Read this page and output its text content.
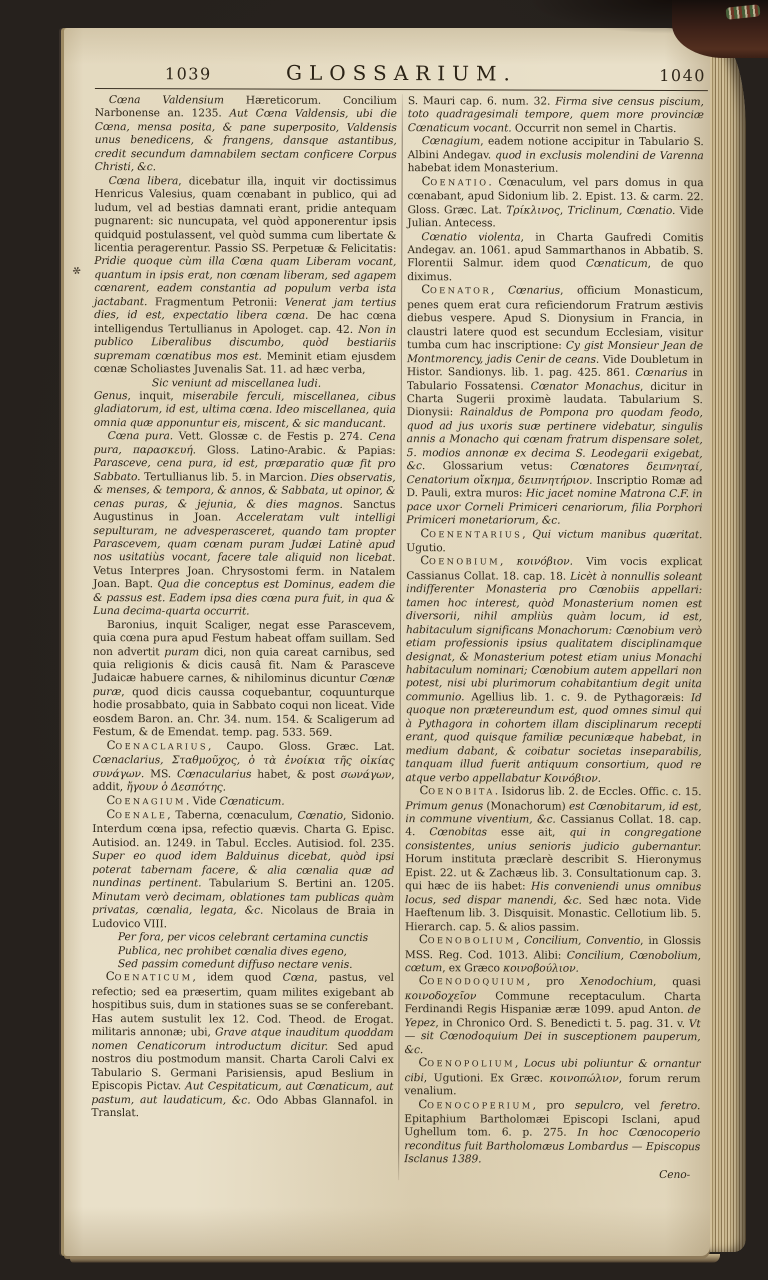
✻
1039	GLOSSARIUM.	1040

Cœna Valdensium Hæreticorum. Concilium Narbonense an. 1235. Aut Cœna Valdensis, ubi die Cœna, mensa posita, & pane superposito, Valdensis unus benedicens, & frangens, dansque astantibus, credit secundum damnabilem sectam conficere Corpus Christi, &c.

Cœna libera, dicebatur illa, inquit vir doctissimus Henricus Valesius, quam cœnabant in publico, qui ad ludum, vel ad bestias damnati erant, pridie antequam pugnarent: sic nuncupata, vel quòd apponerentur ipsis quidquid postulassent, vel quòd summa cum libertate & licentia peragerentur. Passio SS. Perpetuæ & Felicitatis: Pridie quoque cùm illa Cœna quam Liberam vocant, quantum in ipsis erat, non cœnam liberam, sed agapem cœnarent, eadem constantia ad populum verba ista jactabant. Fragmentum Petronii: Venerat jam tertius dies, id est, expectatio libera cœna. De hac cœna intelligendus Tertullianus in Apologet. cap. 42. Non in publico Liberalibus discumbo, quòd bestiariis supremam cœnatibus mos est. Meminit etiam ejusdem cœnæ Scholiastes Juvenalis Sat. 11. ad hæc verba,

Sic veniunt ad miscellanea ludi.

Genus, inquit, miserabile ferculi, miscellanea, cibus gladiatorum, id est, ultima cœna. Ideo miscellanea, quia omnia quæ apponuntur eis, miscent, & sic manducant.

Cœna pura. Vett. Glossæ c. de Festis p. 274. Cena pura, παρασκευή. Gloss. Latino-Arabic. & Papias: Parasceve, cena pura, id est, præparatio quæ fit pro Sabbato. Tertullianus lib. 5. in Marcion. Dies observatis, & menses, & tempora, & annos, & Sabbata, ut opinor, & cenas puras, & jejunia, & dies magnos. Sanctus Augustinus in Joan. Acceleratam vult intelligi sepulturam, ne advesperasceret, quando tam propter Parascevem, quam cœnam puram Judæi Latinè apud nos usitatiùs vocant, facere tale aliquid non licebat. Vetus Interpres Joan. Chrysostomi ferm. in Natalem Joan. Bapt. Qua die conceptus est Dominus, eadem die & passus est. Eadem ipsa dies cœna pura fuit, in qua & Luna decima-quarta occurrit.

Baronius, inquit Scaliger, negat esse Parascevem, quia cœna pura apud Festum habeat offam suillam. Sed non advertit puram dici, non quia careat carnibus, sed quia religionis & dicis causâ fit. Nam & Parasceve Judaicæ habuere carnes, & nihilominus dicuntur Cœnæ puræ, quod dicis caussa coquebantur, coquunturque hodie prosabbato, quia in Sabbato coqui non liceat. Vide eosdem Baron. an. Chr. 34. num. 154. & Scaligerum ad Festum, & de Emendat. temp. pag. 533. 569.

COENACLARIUS, Caupo. Gloss. Græc. Lat. Cœnaclarius, Σταθμοῦχος, ὁ τὰ ἐνοίκια τῆς οἰκίας συνάγων. MS. Cœnacularius habet, & post σωνάγων, addit, ἤγουν ὁ Δεσπότης.

COENAGIUM. Vide Cœnaticum.

COENALE, Taberna, cœnaculum, Cœnatio, Sidonio. Interdum cœna ipsa, refectio quævis. Charta G. Episc. Autisiod. an. 1249. in Tabul. Eccles. Autisiod. fol. 235. Super eo quod idem Balduinus dicebat, quòd ipsi poterat tabernam facere, & alia cœnalia quæ ad nundinas pertinent. Tabularium S. Bertini an. 1205. Minutam verò decimam, oblationes tam publicas quàm privatas, cœnalia, legata, &c. Nicolaus de Braia in Ludovico VIII.

Per fora, per vicos celebrant certamina cunctis
Publica, nec prohibet cœnalia dives egeno,
Sed passim comedunt diffuso nectare venis.

COENATICUM, idem quod Cœna, pastus, vel refectio; sed ea præsertim, quam milites exigebant ab hospitibus suis, dum in stationes suas se se conferebant. Has autem sustulit lex 12. Cod. Theod. de Erogat. militaris annonæ; ubi, Grave atque inauditum quoddam nomen Cenaticorum introductum dicitur. Sed apud nostros diu postmodum mansit. Charta Caroli Calvi ex Tabulario S. Germani Parisiensis, apud Beslium in Episcopis Pictav. Aut Cespitaticum, aut Cœnaticum, aut pastum, aut laudaticum, &c. Odo Abbas Glannafol. in Translat.

S. Mauri cap. 6. num. 32. Firma sive census piscium, toto quadragesimali tempore, quem more provinciæ Cœnaticum vocant. Occurrit non semel in Chartis.

Cœnagium, eadem notione accipitur in Tabulario S. Albini Andegav. quod in exclusis molendini de Varenna habebat idem Monasterium.

COENATIO. Cœnaculum, vel pars domus in qua cœnabant, apud Sidonium lib. 2. Epist. 13. & carm. 22. Gloss. Græc. Lat. Τρίκλινος, Triclinum, Cœnatio. Vide Julian. Antecess.

Cœnatio violenta, in Charta Gaufredi Comitis Andegav. an. 1061. apud Sammarthanos in Abbatib. S. Florentii Salmur. idem quod Cœnaticum, de quo diximus.

COENATOR, Cœnarius, officium Monasticum, penes quem erat cura reficiendorum Fratrum æstivis diebus vespere. Apud S. Dionysium in Francia, in claustri latere quod est secundum Ecclesiam, visitur tumba cum hac inscriptione: Cy gist Monsieur Jean de Montmorency, jadis Cenir de ceans. Vide Doubletum in Histor. Sandionys. lib. 1. pag. 425. 861. Cœnarius in Tabulario Fossatensi. Cœnator Monachus, dicitur in Charta Sugerii proximè laudata. Tabularium S. Dionysii: Rainaldus de Pompona pro quodam feodo, quod ad jus uxoris suæ pertinere videbatur, singulis annis a Monacho qui cœnam fratrum dispensare solet, 5. modios annonæ ex decima S. Leodegarii exigebat, &c. Glossarium vetus: Cœnatores δειπνηταί, Cenatorium οἴκημα, δειπνητήριον. Inscriptio Romæ ad D. Pauli, extra muros: Hic jacet nomine Matrona C.F. in pace uxor Corneli Primiceri cenariorum, filia Porphori Primiceri monetariorum, &c.

COENENTARIUS, Qui victum manibus quæritat. Ugutio.

COENOBIUM, κοινόβιον. Vim vocis explicat Cassianus Collat. 18. cap. 18. Licèt à nonnullis soleant indifferenter Monasteria pro Cœnobiis appellari: tamen hoc interest, quòd Monasterium nomen est diversorii, nihil ampliùs quàm locum, id est, habitaculum significans Monachorum: Cœnobium verò etiam professionis ipsius qualitatem disciplinamque designat, & Monasterium potest etiam unius Monachi habitaculum nominari; Cœnobium autem appellari non potest, nisi ubi plurimorum cohabitantium degit unita communio. Agellius lib. 1. c. 9. de Pythagoræis: Id quoque non prætereundum est, quod omnes simul qui à Pythagora in cohortem illam disciplinarum recepti erant, quod quisque familiæ pecuniæque habebat, in medium dabant, & coibatur societas inseparabilis, tanquam illud fuerit antiquum consortium, quod re atque verbo appellabatur Κοινόβιον.

COENOBITA. Isidorus lib. 2. de Eccles. Offic. c. 15. Primum genus (Monachorum) est Cœnobitarum, id est, in commune viventium, &c. Cassianus Collat. 18. cap. 4. Cœnobitas esse ait, qui in congregatione consistentes, unius senioris judicio gubernantur. Horum instituta præclarè describit S. Hieronymus Epist. 22. ut & Zachæus lib. 3. Consultationum cap. 3. qui hæc de iis habet: His conveniendi unus omnibus locus, sed dispar manendi, &c. Sed hæc nota. Vide Haeftenum lib. 3. Disquisit. Monastic. Cellotium lib. 5. Hierarch. cap. 5. & alios passim.

COENOBOLIUM, Concilium, Conventio, in Glossis MSS. Reg. Cod. 1013. Alibi: Concilium, Cœnobolium, cœtum, ex Græco κοινοβούλιον.

COENODOQUIUM, pro Xenodochium, quasi κοινοδοχεῖον Commune receptaculum. Charta Ferdinandi Regis Hispaniæ æræ 1099. apud Anton. de Yepez, in Chronico Ord. S. Benedicti t. 5. pag. 31. v. Vt — sit Cœnodoquium Dei in susceptionem pauperum, &c.

COENOPOLIUM, Locus ubi poliuntur & ornantur cibi, Ugutioni. Ex Græc. κοινοπώλιον, forum rerum venalium.

COENOCOPERIUM, pro sepulcro, vel feretro. Epitaphium Bartholomæi Episcopi Isclani, apud Ughellum tom. 6. p. 275. In hoc Cœnocoperio reconditus fuit Bartholomæus Lombardus — Episcopus Isclanus 1389.

Ceno-
